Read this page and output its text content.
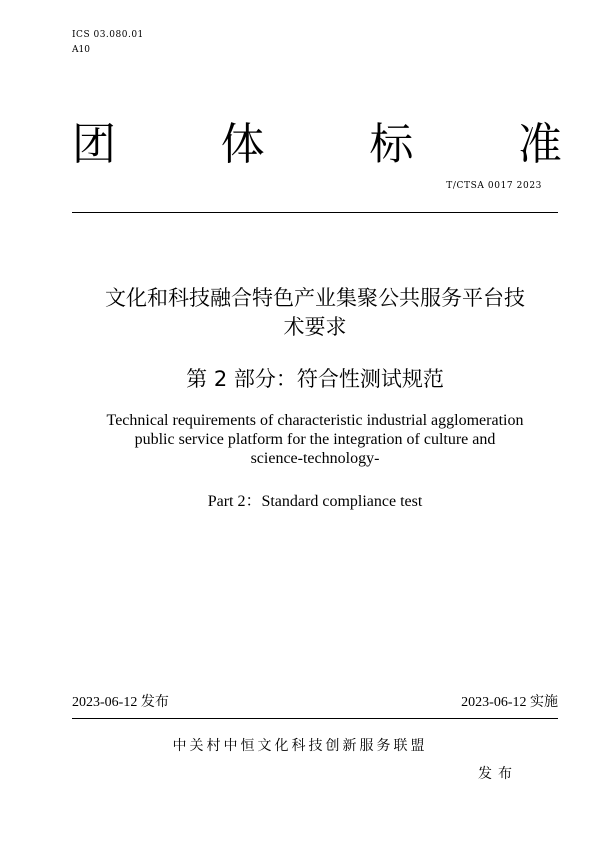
ICS 03.080.01
A10
团 体 标 准
T/CTSA 0017 2023
文化和科技融合特色产业集聚公共服务平台技
术要求
第 2 部分：符合性测试规范
Technical requirements of characteristic industrial agglomeration
public service platform for the integration of culture and
science-technology-
Part 2：Standard compliance test
2023-06-12 发布	2023-06-12 实施
中关村中恒文化科技创新服务联盟
发布
